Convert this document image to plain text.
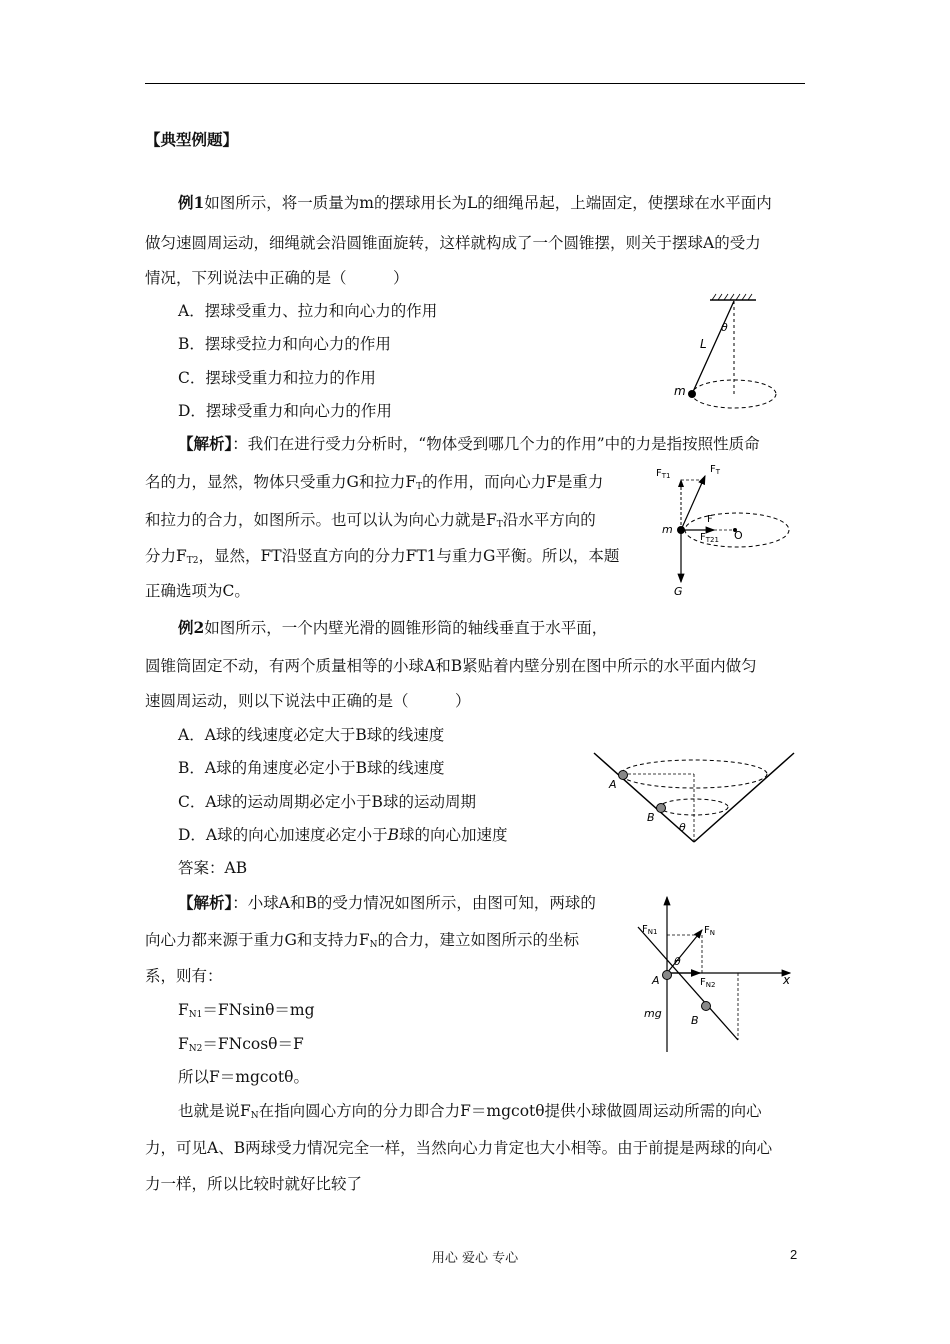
【典型例题】
例1如图所示，将一质量为m的摆球用长为L的细绳吊起，上端固定，使摆球在水平面内
做匀速圆周运动，细绳就会沿圆锥面旋转，这样就构成了一个圆锥摆，则关于摆球A的受力
情况，下列说法中正确的是（　　　）
A．摆球受重力、拉力和向心力的作用
B．摆球受拉力和向心力的作用
C．摆球受重力和拉力的作用
D．摆球受重力和向心力的作用
θ
L
m
【解析】：我们在进行受力分析时，“物体受到哪几个力的作用”中的力是指按照性质命
名的力，显然，物体只受重力G和拉力$F_T$的作用，而向心力F是重力
和拉力的合力，如图所示。也可以认为向心力就是$F_T$沿水平方向的
分力$F_{T2}$，显然，FT沿竖直方向的分力FT1与重力G平衡。所以，本题
正确选项为C。
$F_{T1}$
$F_T$
F
$F_{T21}$ O
m
G
例2如图所示，一个内壁光滑的圆锥形筒的轴线垂直于水平面，
圆锥筒固定不动，有两个质量相等的小球A和B紧贴着内壁分别在图中所示的水平面内做匀
速圆周运动，则以下说法中正确的是（　　　）
A．A球的线速度必定大于B球的线速度
B．A球的角速度必定小于B球的线速度
C．A球的运动周期必定小于B球的运动周期
D．A球的向心加速度必定小于B球的向心加速度
答案：AB
A
B
θ
【解析】：小球A和B的受力情况如图所示，由图可知，两球的
向心力都来源于重力G和支持力$F_N$的合力，建立如图所示的坐标
系，则有：
$F_{N1}=FNsin\theta=mg$
$F_{N2}=FNcos\theta=F$
所以F＝mgcotθ。
也就是说$F_N$在指向圆心方向的分力即合力F＝mgcotθ提供小球做圆周运动所需的向心
力，可见A、B两球受力情况完全一样，当然向心力肯定也大小相等。由于前提是两球的向心
力一样，所以比较时就好比较了
$F_{N1}$	$F_N$
θ
A	x
$F_{N2}$
mg
B
用心 爱心 专心	2
